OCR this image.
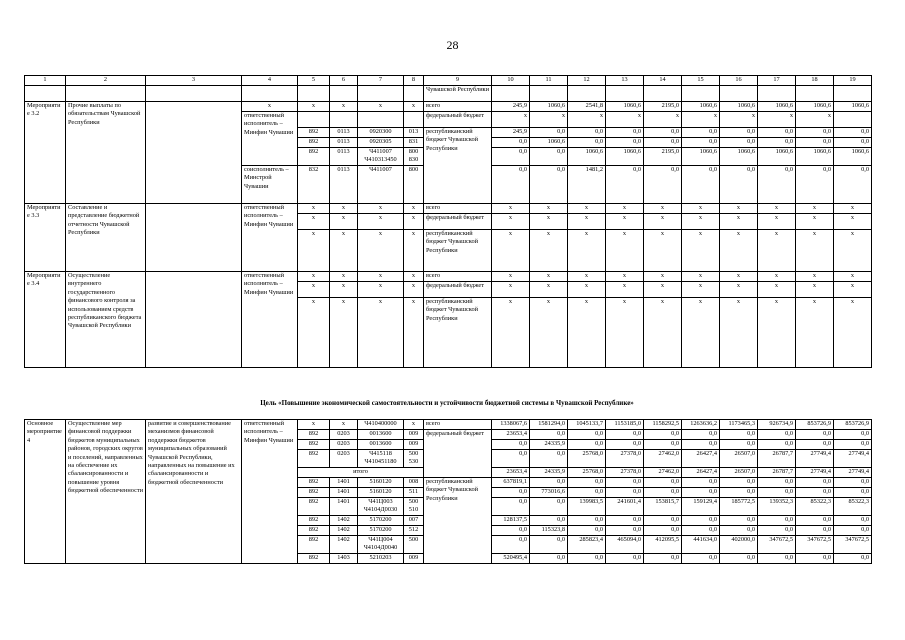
28
1	2	3	4	5	6	7	8	9	10	11	12	13	14	15	16	17	18	19
								Чувашской Республики										
Мероприятие 3.2	Прочие выплаты по обязательствам Чувашской Республики		x	x	x	x	x	всего	245,9	1060,6	2541,8	1060,6	2195,0	1060,6	1060,6	1060,6	1060,6	1060,6
			ответственный исполнитель – Минфин Чувашии					федеральный бюджет	x	x	x	x	x	x	x	x	x	
				892	0113	0920300	013	республиканский бюджет Чувашской Республики	245,9	0,0	0,0	0,0	0,0	0,0	0,0	0,0	0,0	0,0
				892	0113	0920305	831		0,0	1060,6	0,0	0,0	0,0	0,0	0,0	0,0	0,0	0,0
				892	0113	Ч411007 Ч410313450	800 830		0,0	0,0	1060,6	1060,6	2195,0	1060,6	1060,6	1060,6	1060,6	1060,6
			соисполнитель – Минстрой Чувашии	832	0113	Ч411007	800		0,0	0,0	1481,2	0,0	0,0	0,0	0,0	0,0	0,0	0,0
Мероприятие 3.3	Составление и представление бюджетной отчетности Чувашской Республики		ответственный исполнитель – Минфин Чувашии	x	x	x	x	всего	x	x	x	x	x	x	x	x	x	x
				x	x	x	x	федеральный бюджет	x	x	x	x	x	x	x	x	x	x
				x	x	x	x	республиканский бюджет Чувашской Республики	x	x	x	x	x	x	x	x	x	x
Мероприятие 3.4	Осуществление внутреннего государственного финансового контроля за использованием средств республиканского бюджета Чувашской Республики		ответственный исполнитель – Минфин Чувашии	x	x	x	x	всего	x	x	x	x	x	x	x	x	x	x
				x	x	x	x	федеральный бюджет	x	x	x	x	x	x	x	x	x	x
				x	x	x	x	республиканский бюджет Чувашской Республики	x	x	x	x	x	x	x	x	x	x
Цель «Повышение экономической самостоятельности и устойчивости бюджетной системы в Чувашской Республике»
Основное мероприятие 4	Осуществление мер финансовой поддержки бюджетов муниципальных районов, городских округов и поселений, направленных на обеспечение их сбалансированности и повышение уровня бюджетной обеспеченности	развитие и совершенствование механизмов финансовой поддержки бюджетов муниципальных образований Чувашской Республики, направленных на повышение их сбалансированности и бюджетной обеспеченности	ответственный исполнитель – Минфин Чувашии	x	x	Ч410400000	x	всего	1338067,6	1581294,0	1045133,7	1153185,0	1158292,5	1263636,2	1173465,3	926734,9	853726,9	853726,9
				892	0203	0013600	009	федеральный бюджет	23653,4	0,0	0,0	0,0	0,0	0,0	0,0	0,0	0,0	0,0
				892	0203	0013600	009		0,0	24335,9	0,0	0,0	0,0	0,0	0,0	0,0	0,0	0,0
				892	0203	Ч415118 Ч410451180	500 530		0,0	0,0	25768,0	27378,0	27462,0	26427,4	26507,0	26787,7	27749,4	27749,4
				итого					23653,4	24335,9	25768,0	27378,0	27462,0	26427,4	26507,0	26787,7	27749,4	27749,4
				892	1401	5160120	008	республиканский бюджет Чувашской Республики	637819,1	0,0	0,0	0,0	0,0	0,0	0,0	0,0	0,0	0,0
				892	1401	5160120	511		0,0	773016,6	0,0	0,0	0,0	0,0	0,0	0,0	0,0	0,0
				892	1401	Ч41Ц003 Ч4104Д0030	500 510		0,0	0,0	139983,5	241601,4	153815,7	159129,4	185772,5	139352,3	85322,3	85322,3
				892	1402	5170200	007		128137,5	0,0	0,0	0,0	0,0	0,0	0,0	0,0	0,0	0,0
				892	1402	5170200	512		0,0	115323,8	0,0	0,0	0,0	0,0	0,0	0,0	0,0	0,0
				892	1402	Ч41Ц004 Ч4104Д0040	500		0,0	0,0	285823,4	465094,0	412095,5	441634,0	402000,0	347672,5	347672,5	347672,5
				892	1403	5210203	009		520495,4	0,0	0,0	0,0	0,0	0,0	0,0	0,0	0,0	0,0
